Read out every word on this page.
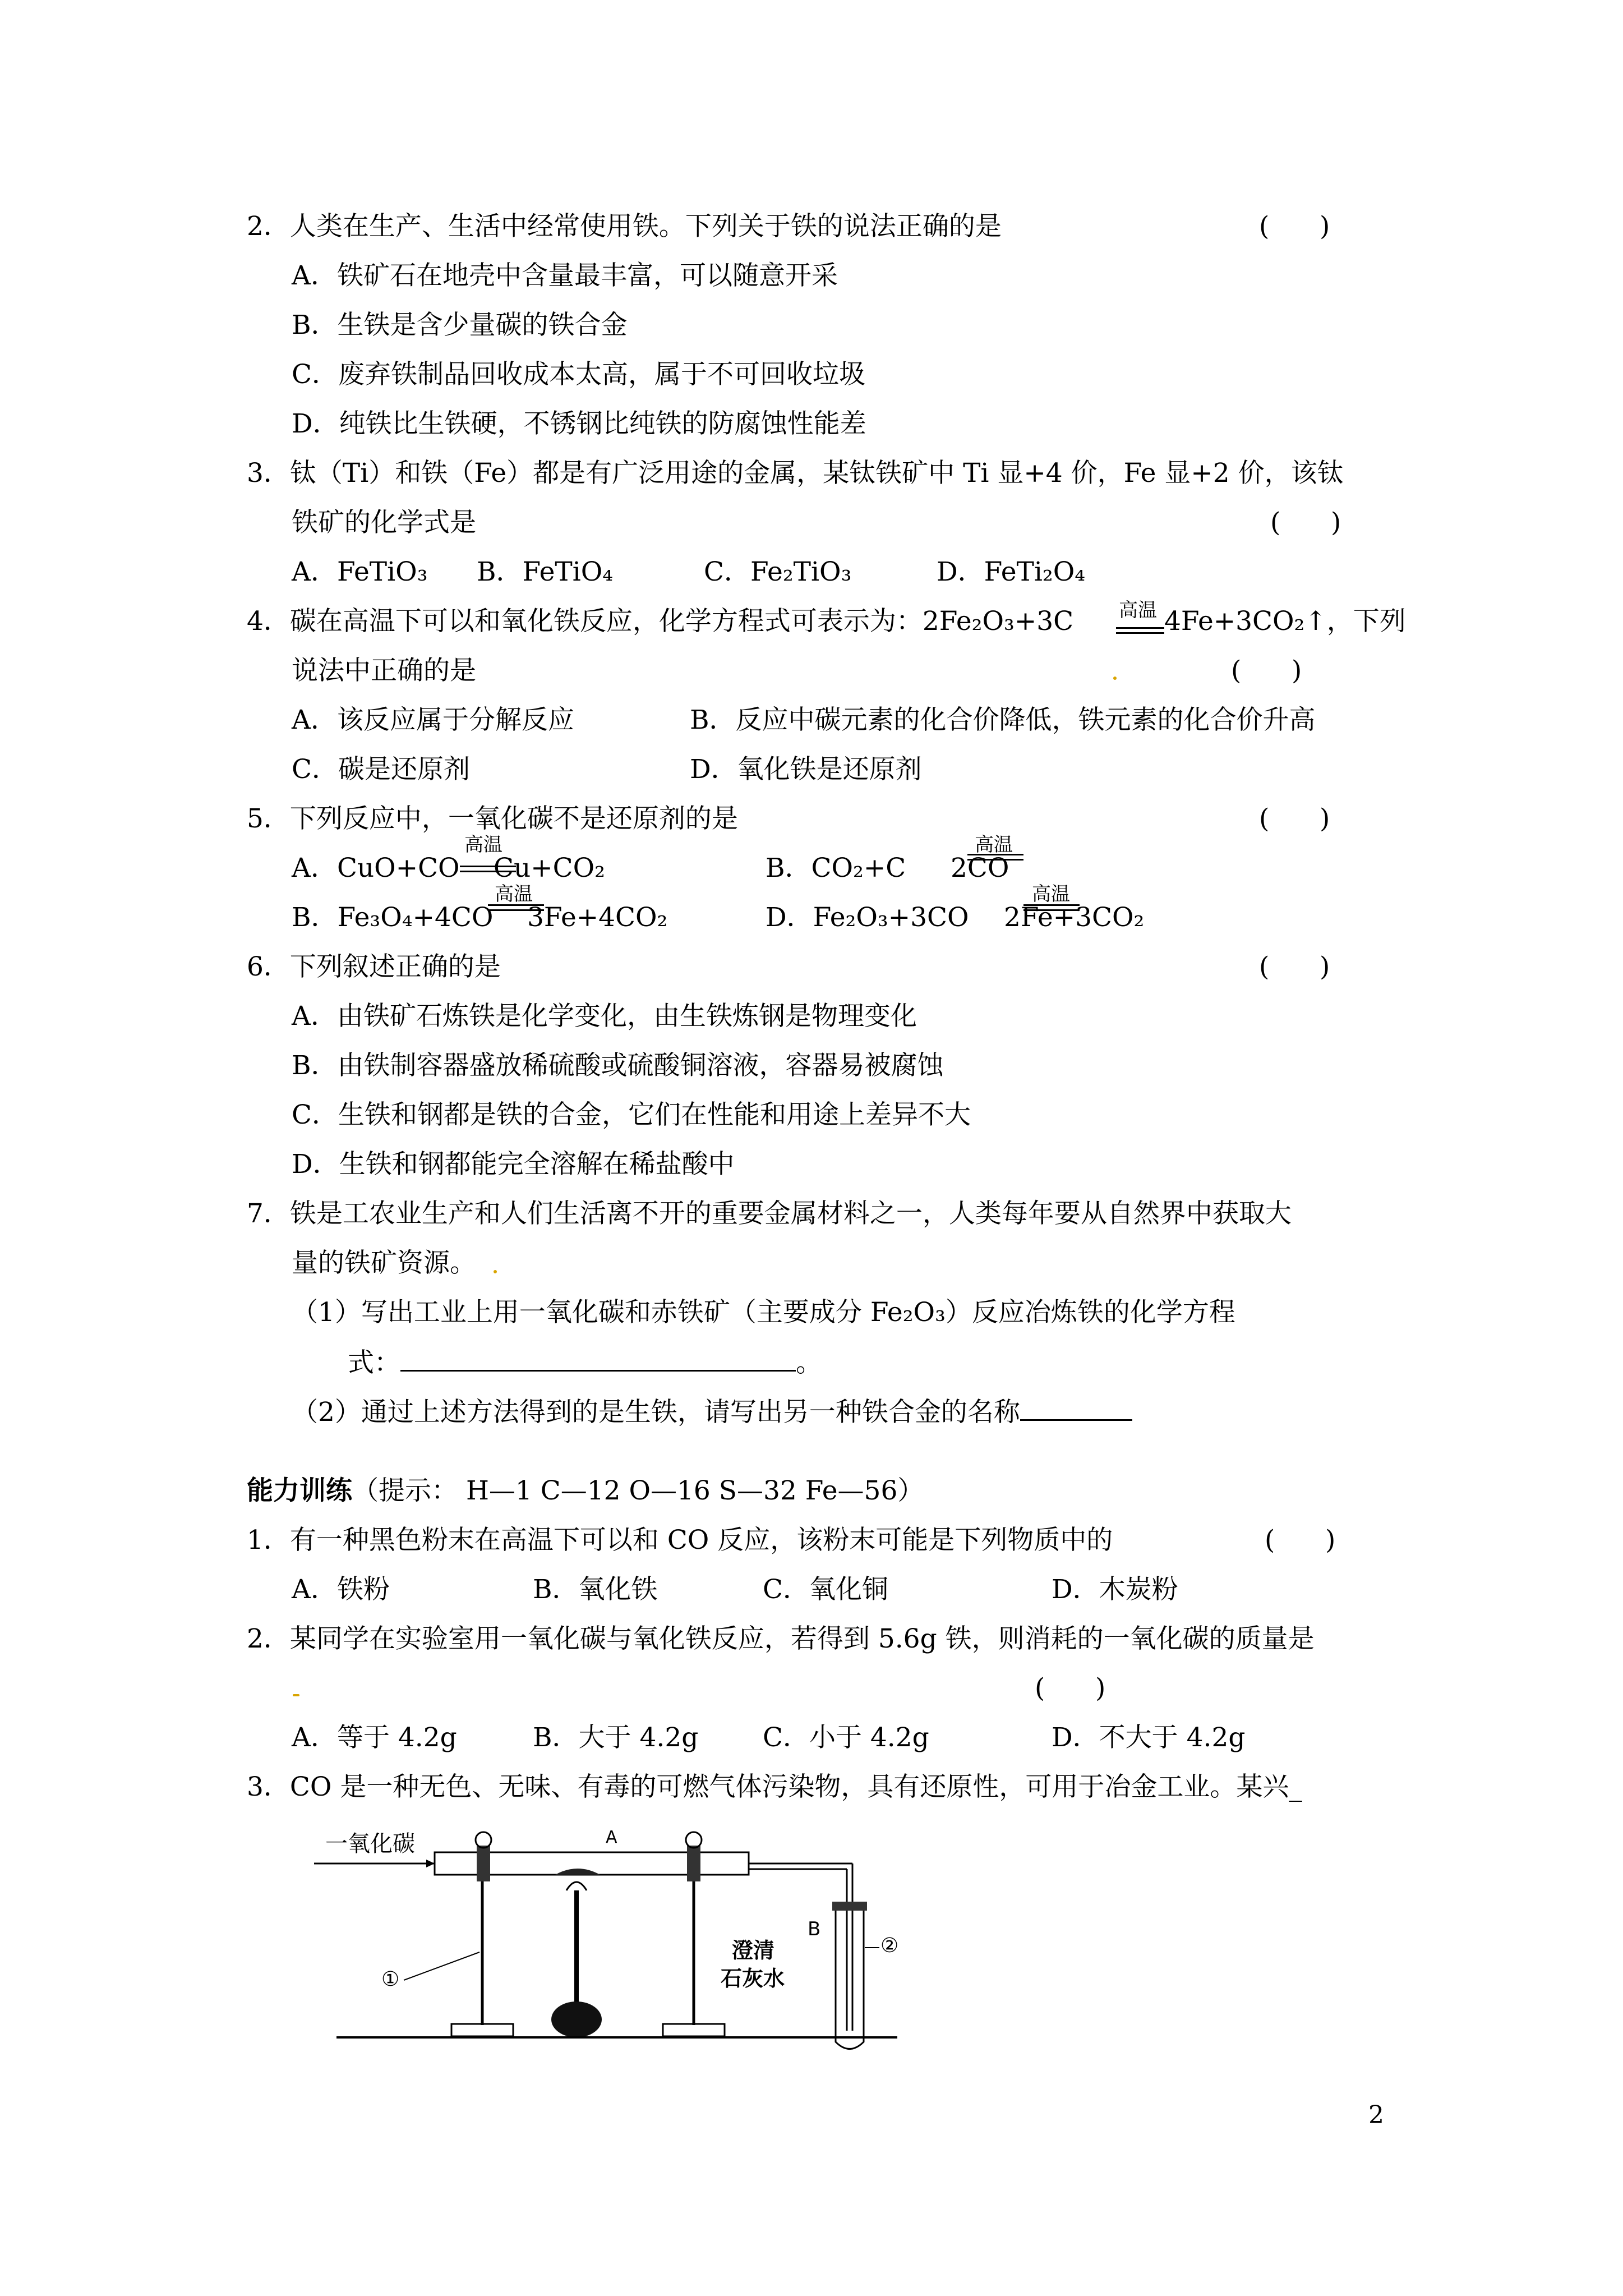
2．人类在生产、生活中经常使用铁。下列关于铁的说法正确的是	(      )
A．铁矿石在地壳中含量最丰富，可以随意开采
B．生铁是含少量碳的铁合金
C．废弃铁制品回收成本太高，属于不可回收垃圾
D．纯铁比生铁硬，不锈钢比纯铁的防腐蚀性能差
3．钛（Ti）和铁（Fe）都是有广泛用途的金属，某钛铁矿中 Ti 显+4 价，Fe 显+2 价，该钛
铁矿的化学式是	(      )
A．FeTiO₃ B．FeTiO₄	C．Fe₂TiO₃	D．FeTi₂O₄
4．碳在高温下可以和氧化铁反应，化学方程式可表示为：2Fe₂O₃+3C 高温 4Fe+3CO₂↑，下列
说法中正确的是	(      )
A．该反应属于分解反应	B．反应中碳元素的化合价降低，铁元素的化合价升高
C．碳是还原剂	D．氧化铁是还原剂
5．下列反应中，一氧化碳不是还原剂的是	(      )
A．CuO+CO
高温
Cu+CO₂	B．CO₂+C
高温
2CO
B．Fe₃O₄+4CO
高温
3Fe+4CO₂	D．Fe₂O₃+3CO
高温
2Fe+3CO₂
6．下列叙述正确的是	(      )
A．由铁矿石炼铁是化学变化，由生铁炼钢是物理变化
B．由铁制容器盛放稀硫酸或硫酸铜溶液，容器易被腐蚀
C．生铁和钢都是铁的合金，它们在性能和用途上差异不大
D．生铁和钢都能完全溶解在稀盐酸中
7．铁是工农业生产和人们生活离不开的重要金属材料之一，人类每年要从自然界中获取大
量的铁矿资源。
（1）写出工业上用一氧化碳和赤铁矿（主要成分 Fe₂O₃）反应冶炼铁的化学方程
式：	。
（2）通过上述方法得到的是生铁，请写出另一种铁合金的名称
能力训练（提示： H—1 C—12 O—16 S—32 Fe—56）
1．有一种黑色粉末在高温下可以和 CO 反应，该粉末可能是下列物质中的	(      )
A．铁粉	B．氧化铁	C．氧化铜	D．木炭粉
2．某同学在实验室用一氧化碳与氧化铁反应，若得到 5.6g 铁，则消耗的一氧化碳的质量是
(      )
A．等于 4.2g	B．大于 4.2g C．小于 4.2g	D．不大于 4.2g
3．CO 是一种无色、无味、有毒的可燃气体污染物，具有还原性，可用于冶金工业。某兴_
一氧化碳	A
①
B
澄清
石灰水
②
2
